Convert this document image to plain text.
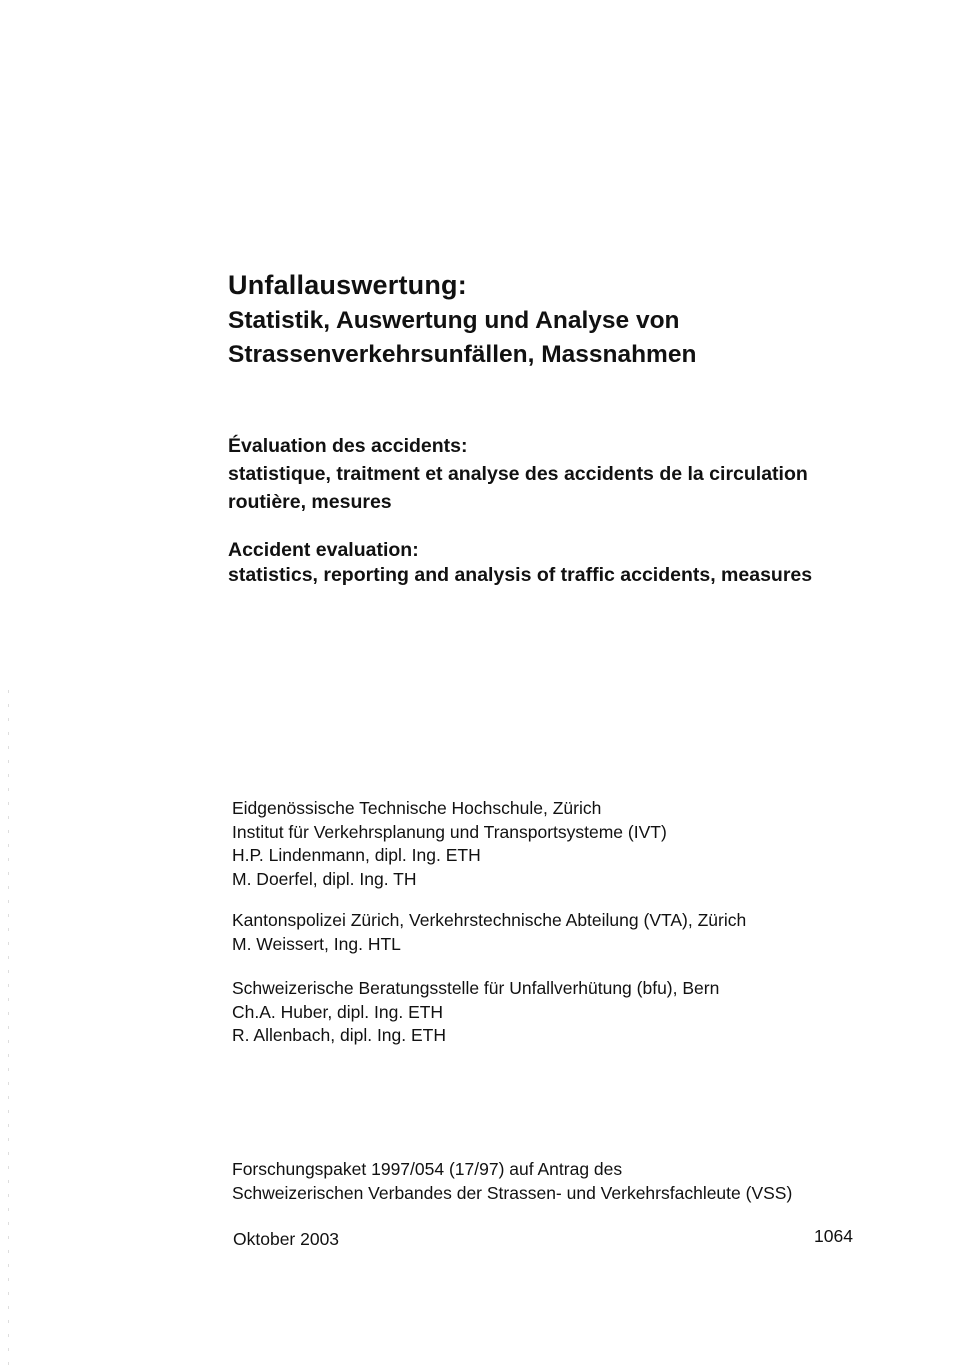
Unfallauswertung:
Statistik, Auswertung und Analyse von
Strassenverkehrsunfällen, Massnahmen
Évaluation des accidents:
statistique, traitment et analyse des accidents de la circulation
routière, mesures
Accident evaluation:
statistics, reporting and analysis of traffic accidents, measures
Eidgenössische Technische Hochschule, Zürich
Institut für Verkehrsplanung und Transportsysteme (IVT)
H.P. Lindenmann, dipl. Ing. ETH
M. Doerfel, dipl. Ing. TH
Kantonspolizei Zürich, Verkehrstechnische Abteilung (VTA), Zürich
M. Weissert, Ing. HTL
Schweizerische Beratungsstelle für Unfallverhütung (bfu), Bern
Ch.A. Huber, dipl. Ing. ETH
R. Allenbach, dipl. Ing. ETH
Forschungspaket 1997/054 (17/97) auf Antrag des
Schweizerischen Verbandes der Strassen- und Verkehrsfachleute (VSS)
Oktober 2003	1064
